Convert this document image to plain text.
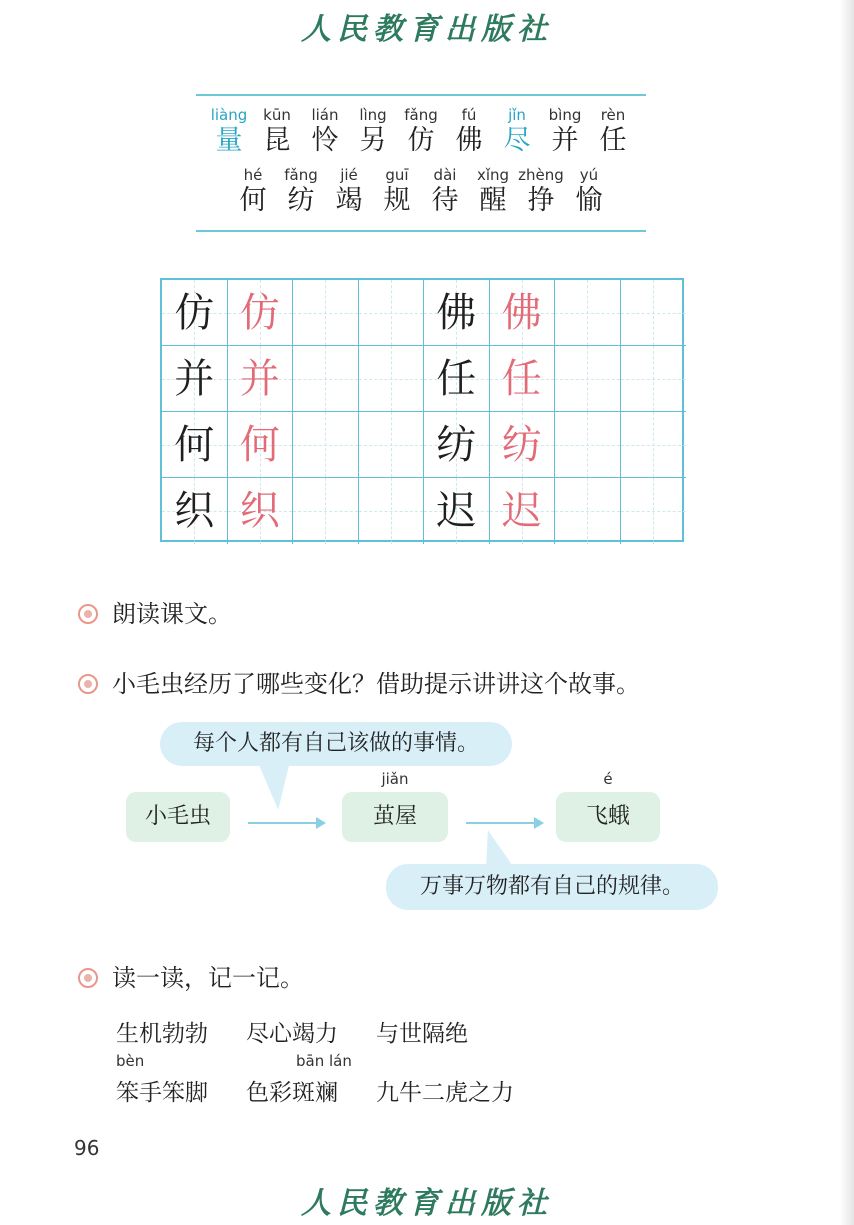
人民教育出版社
liàng
量
kūn
昆
lián
怜
lìng
另
fǎng
仿
fú
佛
jǐn
尽
bìng
并
rèn
任
hé
何
fǎng
纺
jié
竭
guī
规
dài
待
xǐng
醒
zhèng
挣
yú
愉
仿 仿	佛 佛
并 并	任 任
何 何	纺 纺
织 织	迟 迟
朗读课文。
小毛虫经历了哪些变化？借助提示讲讲这个故事。
每个人都有自己该做的事情。
小毛虫
jiǎn
茧屋
é
飞蛾
万事万物都有自己的规律。
读一读，记一记。
生机勃勃 尽心竭力 与世隔绝
bèn
笨手笨脚
bān lán
色彩斑斓 九牛二虎之力
96
人民教育出版社
